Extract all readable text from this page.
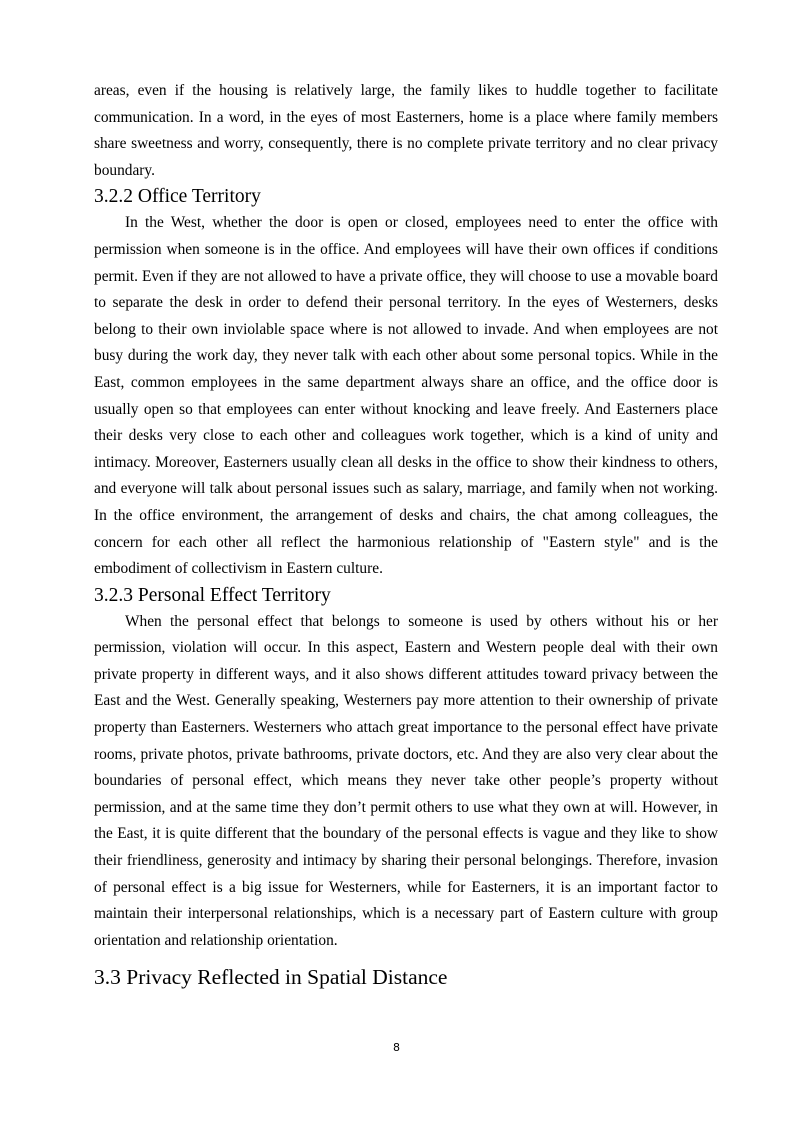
areas, even if the housing is relatively large, the family likes to huddle together to facilitate communication. In a word, in the eyes of most Easterners, home is a place where family members share sweetness and worry, consequently, there is no complete private territory and no clear privacy boundary.

3.2.2 Office Territory

In the West, whether the door is open or closed, employees need to enter the office with permission when someone is in the office. And employees will have their own offices if conditions permit. Even if they are not allowed to have a private office, they will choose to use a movable board to separate the desk in order to defend their personal territory. In the eyes of Westerners, desks belong to their own inviolable space where is not allowed to invade. And when employees are not busy during the work day, they never talk with each other about some personal topics. While in the East, common employees in the same department always share an office, and the office door is usually open so that employees can enter without knocking and leave freely. And Easterners place their desks very close to each other and colleagues work together, which is a kind of unity and intimacy. Moreover, Easterners usually clean all desks in the office to show their kindness to others, and everyone will talk about personal issues such as salary, marriage, and family when not working. In the office environment, the arrangement of desks and chairs, the chat among colleagues, the concern for each other all reflect the harmonious relationship of "Eastern style" and is the embodiment of collectivism in Eastern culture.

3.2.3 Personal Effect Territory

When the personal effect that belongs to someone is used by others without his or her permission, violation will occur. In this aspect, Eastern and Western people deal with their own private property in different ways, and it also shows different attitudes toward privacy between the East and the West. Generally speaking, Westerners pay more attention to their ownership of private property than Easterners. Westerners who attach great importance to the personal effect have private rooms, private photos, private bathrooms, private doctors, etc. And they are also very clear about the boundaries of personal effect, which means they never take other people’s property without permission, and at the same time they don’t permit others to use what they own at will. However, in the East, it is quite different that the boundary of the personal effects is vague and they like to show their friendliness, generosity and intimacy by sharing their personal belongings. Therefore, invasion of personal effect is a big issue for Westerners, while for Easterners, it is an important factor to maintain their interpersonal relationships, which is a necessary part of Eastern culture with group orientation and relationship orientation.

3.3 Privacy Reflected in Spatial Distance
8
